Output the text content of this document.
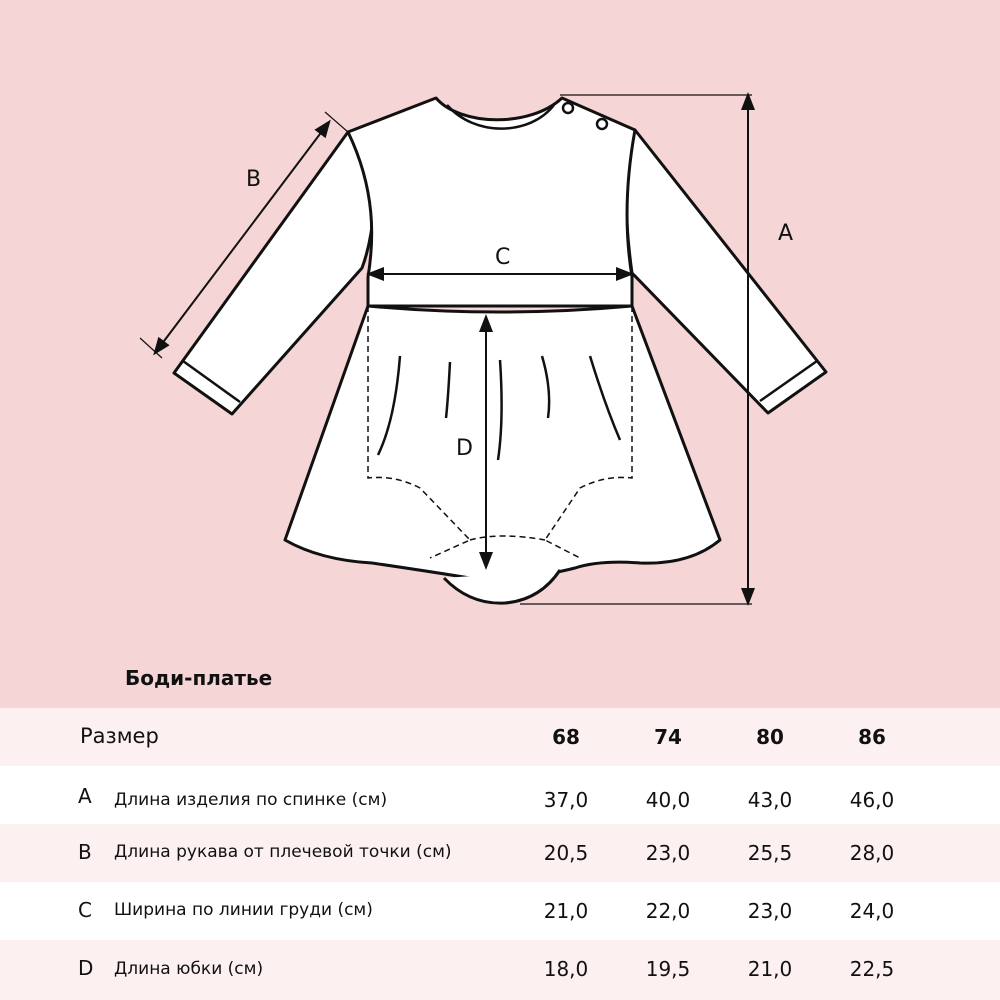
A
B
C
D
Боди-платье
Размер	68	74	80	86
A Длина изделия по спинке (см)	37,0	40,0	43,0	46,0
B Длина рукава от плечевой точки (см)	20,5	23,0	25,5	28,0
C Ширина по линии груди (см)	21,0	22,0	23,0	24,0
D Длина юбки (см)	18,0	19,5	21,0	22,5
